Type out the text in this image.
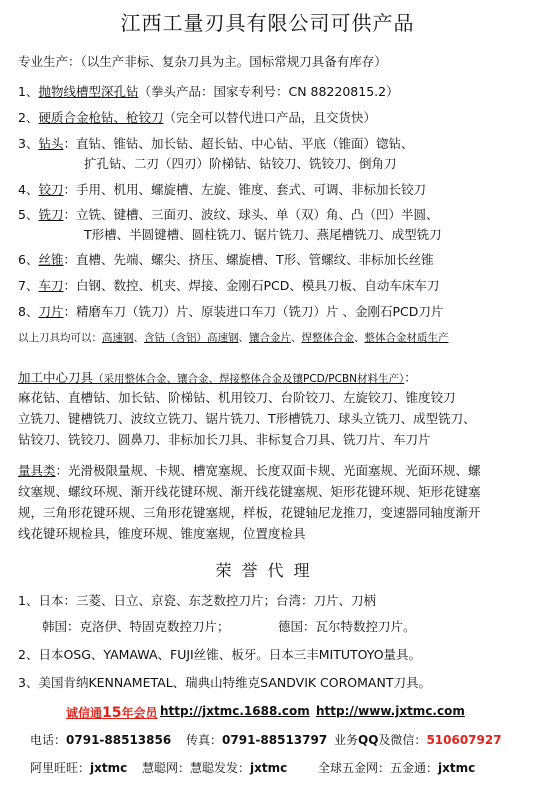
江西工量刃具有限公司可供产品
专业生产：（以生产非标、复杂刀具为主。国标常规刀具备有库存）
1、抛物线槽型深孔钻（拳头产品：国家专利号：CN 88220815.2）
2、硬质合金枪钻、枪铰刀（完全可以替代进口产品，且交货快）
3、钻头：直钻、锥钻、加长钻、超长钻、中心钻、平底（锥面）锪钻、
扩孔钻、二刃（四刃）阶梯钻、钻铰刀、铣铰刀、倒角刀
4、铰刀：手用、机用、螺旋槽、左旋、锥度、套式、可调、非标加长铰刀
5、铣刀：立铣、键槽、三面刃、波纹、球头、单（双）角、凸（凹）半圆、
T形槽、半圆键槽、圆柱铣刀、锯片铣刀、燕尾槽铣刀、成型铣刀
6、丝锥：直槽、先端、螺尖、挤压、螺旋槽、T形、管螺纹、非标加长丝锥
7、车刀：白钢、数控、机夹、焊接、金刚石PCD、模具刀板、自动车床车刀
8、刀片：精磨车刀（铣刀）片、原装进口车刀（铣刀）片 、金刚石PCD刀片
以上刀具均可以：高速钢、含钴（含铝）高速钢、镶合金片、焊整体合金、整体合金材质生产
加工中心刀具（采用整体合金、镶合金、焊接整体合金及镶PCD/PCBN材料生产）：
麻花钻、直槽钻、加长钻、阶梯钻、机用铰刀、台阶铰刀、左旋铰刀、锥度铰刀
立铣刀、键槽铣刀、波纹立铣刀、锯片铣刀、T形槽铣刀、球头立铣刀、成型铣刀、
钻铰刀、铣铰刀、圆鼻刀、非标加长刀具、非标复合刀具、铣刀片、车刀片
量具类：光滑极限量规、卡规、槽宽塞规、长度双面卡规、光面塞规、光面环规、螺
纹塞规、螺纹环规、渐开线花键环规、渐开线花键塞规、矩形花键环规、矩形花键塞
规，三角形花键环规、三角形花键塞规，样板，花键轴尼龙推刀，变速器同轴度渐开
线花键环规检具，锥度环规、锥度塞规，位置度检具
荣誉代理
1、日本：三菱、日立、京瓷、东芝数控刀片；台湾：刀片、刀柄
韩国：克洛伊、特固克数控刀片；	德国：瓦尔特数控刀片。
2、日本OSG、YAMAWA、FUJI丝锥、板牙。日本三丰MITUTOYO量具。
3、美国肯纳KENNAMETAL、瑞典山特维克SANDVIK COROMANT刀具。
诚信通15年会员 http://jxtmc.1688.com http://www.jxtmc.com
电话：0791-88513856 传真：0791-88513797 业务QQ及微信：510607927
阿里旺旺：jxtmc 慧聪网：慧聪发发：jxtmc	全球五金网：五金通：jxtmc
